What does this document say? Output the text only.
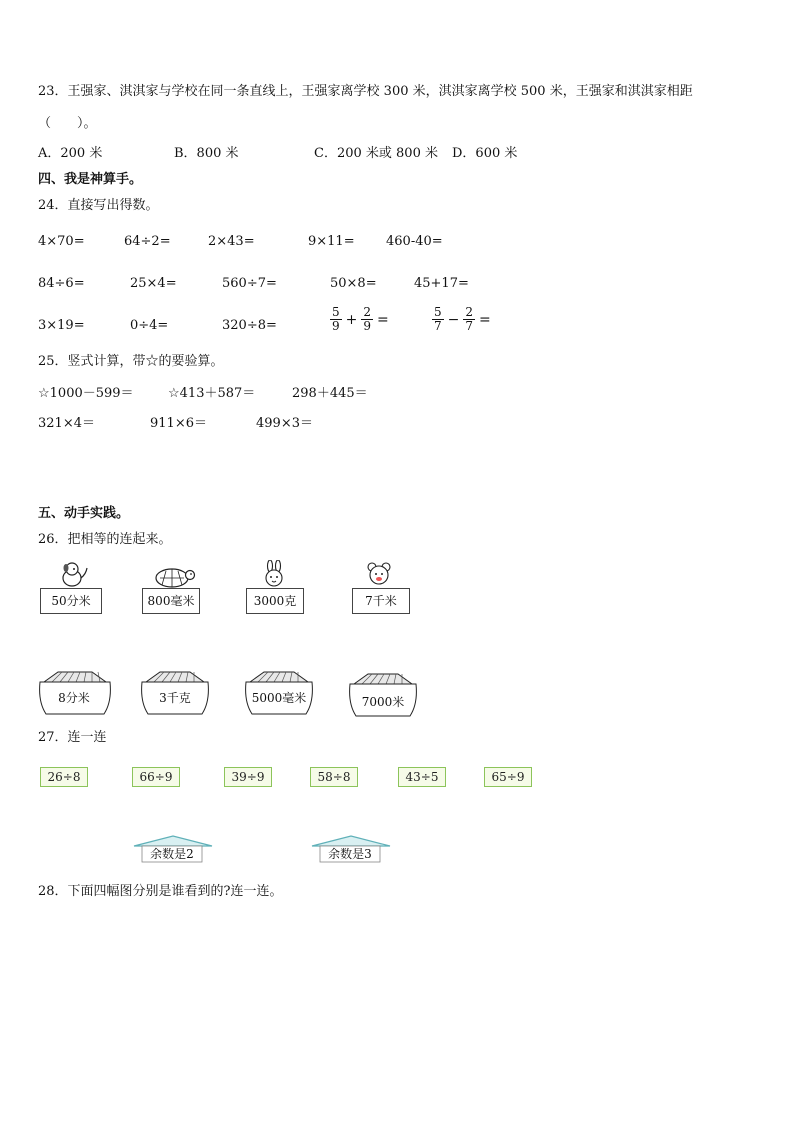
23．王强家、淇淇家与学校在同一条直线上，王强家离学校 300 米，淇淇家离学校 500 米，王强家和淇淇家相距
（　　）。
A．200 米	B．800 米	C．200 米或 800 米 D．600 米
四、我是神算手。
24．直接写出得数。
4×70=	64÷2=	2×43=	9×11= 460-40=
84÷6=	25×4=	560÷7=	50×8=	45+17=
3×19=	0÷4=	320÷8=	$\frac{5}{9} + \frac{2}{9}$ =	$\frac{5}{7} - \frac{2}{7}$ =
25．竖式计算，带☆的要验算。
☆1000－599＝	☆413＋587＝	298＋445＝
321×4＝	911×6＝	499×3＝
五、动手实践。
26．把相等的连起来。
50分米	800毫米	3000克	7千米
8分米	3千克	5000毫米	7000米
27．连一连
26÷8	66÷9	39÷9	58÷8	43÷5	65÷9
余数是2	余数是3
28．下面四幅图分别是谁看到的?连一连。
